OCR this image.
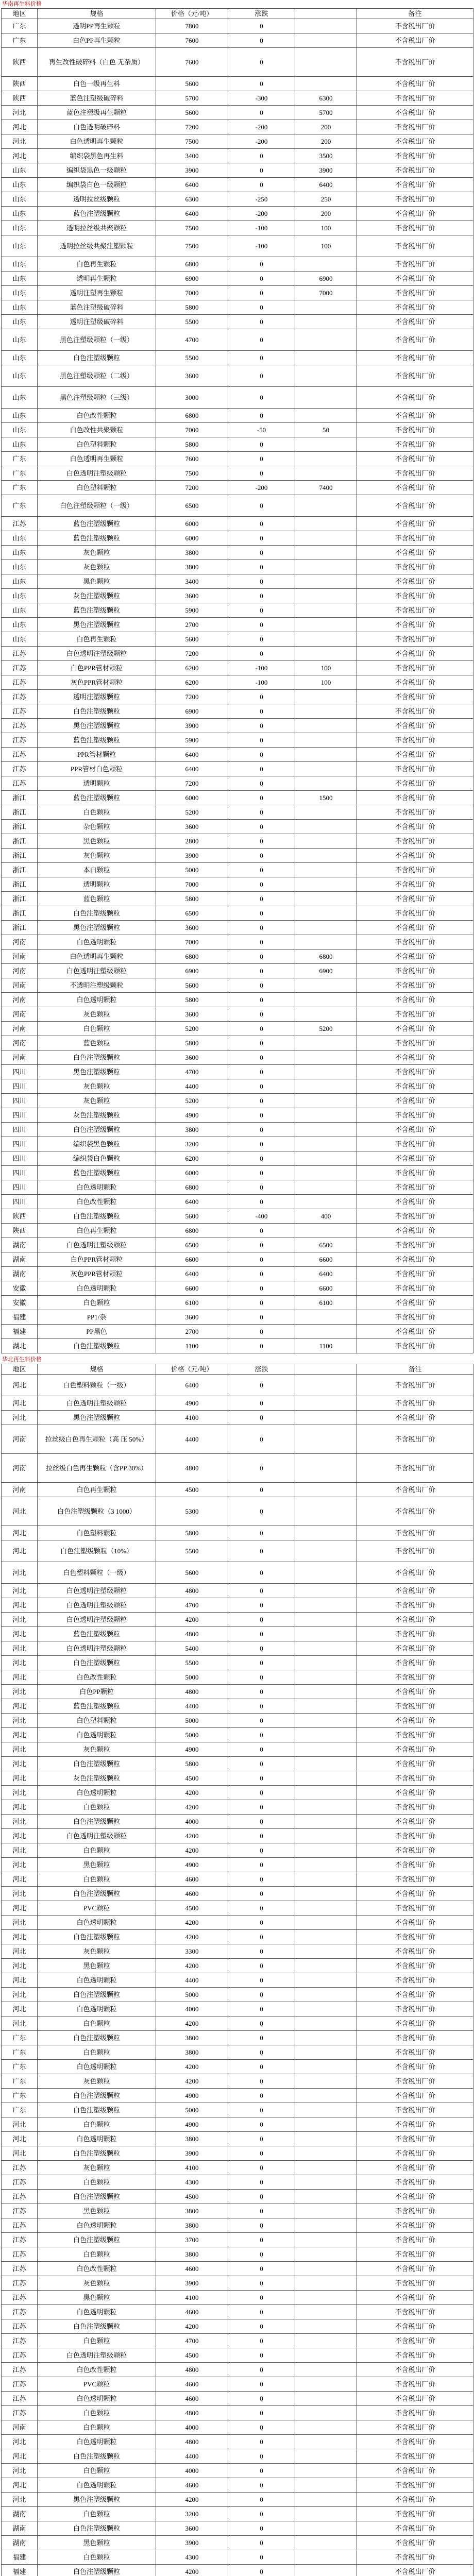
华南再生料价格
地区	规格	价格（元/吨）	涨跌		备注
广东	透明PP再生颗粒	7800	0		不含税出厂价
广东	白色PP再生颗粒	7600	0		不含税出厂价
陕西	再生改性破碎料（白色 无杂质）	7600	0		不含税出厂价
陕西	白色一级再生料	5600	0		不含税出厂价
陕西	蓝色注塑级破碎料	5700	-300	6300	不含税出厂价
河北	蓝色注塑级再生颗粒	5600	0	5700	不含税出厂价
河北	白色透明破碎料	7200	-200	200	不含税出厂价
河北	白色透明再生颗粒	7500	-200	200	不含税出厂价
河北	编织袋黑色再生料	3400	0	3500	不含税出厂价
山东	编织袋黑色一级颗粒	3900	0	3900	不含税出厂价
山东	编织袋白色一级颗粒	6400	0	6400	不含税出厂价
山东	透明拉丝级颗粒	6300	-250	250	不含税出厂价
山东	蓝色注塑级颗粒	6400	-200	200	不含税出厂价
山东	透明拉丝级共聚颗粒	7500	-100	100	不含税出厂价
山东	透明拉丝级共聚注塑颗粒	7500	-100	100	不含税出厂价
山东	白色再生颗粒	6800	0		不含税出厂价
山东	透明再生颗粒	6900	0	6900	不含税出厂价
山东	透明注塑再生颗粒	7000	0	7000	不含税出厂价
山东	蓝色注塑级破碎料	5800	0		不含税出厂价
山东	透明注塑级破碎料	5500	0		不含税出厂价
山东	黑色注塑级颗粒（一级）	4700	0		不含税出厂价
山东	白色注塑级颗粒	5500	0		不含税出厂价
山东	黑色注塑级颗粒（二级）	3600	0		不含税出厂价
山东	黑色注塑级颗粒（三级）	3000	0		不含税出厂价
山东	白色改性颗粒	6800	0		不含税出厂价
山东	白色改性共聚颗粒	7000	-50	50	不含税出厂价
山东	白色塑料颗粒	5800	0		不含税出厂价
广东	白色透明再生颗粒	7600	0		不含税出厂价
广东	白色透明注塑级颗粒	7500	0		不含税出厂价
广东	白色塑料颗粒	7200	-200	7400	不含税出厂价
广东	白色注塑级颗粒（一级）	6500	0		不含税出厂价
江苏	蓝色注塑级颗粒	6000	0		不含税出厂价
山东	蓝色注塑级颗粒	6000	0		不含税出厂价
山东	灰色颗粒	3800	0		不含税出厂价
山东	灰色颗粒	3800	0		不含税出厂价
山东	黑色颗粒	3400	0		不含税出厂价
山东	灰色注塑级颗粒	3600	0		不含税出厂价
山东	蓝色注塑级颗粒	5900	0		不含税出厂价
山东	黑色注塑级颗粒	2700	0		不含税出厂价
山东	白色再生颗粒	5600	0		不含税出厂价
江苏	白色透明注塑级颗粒	7200	0		不含税出厂价
江苏	白色PPR管材颗粒	6200	-100	100	不含税出厂价
江苏	灰色PPR管材颗粒	6200	-100	100	不含税出厂价
江苏	透明注塑级颗粒	7200	0		不含税出厂价
江苏	白色注塑级颗粒	6900	0		不含税出厂价
江苏	黑色注塑级颗粒	3900	0		不含税出厂价
江苏	蓝色注塑级颗粒	5900	0		不含税出厂价
江苏	PPR管材颗粒	6400	0		不含税出厂价
江苏	PPR管材白色颗粒	6400	0		不含税出厂价
江苏	透明颗粒	7200	0		不含税出厂价
浙江	蓝色注塑级颗粒	6000	0	1500	不含税出厂价
浙江	白色颗粒	5200	0		不含税出厂价
浙江	杂色颗粒	3600	0		不含税出厂价
浙江	黑色颗粒	2800	0		不含税出厂价
浙江	灰色颗粒	3900	0		不含税出厂价
浙江	本白颗粒	5000	0		不含税出厂价
浙江	透明颗粒	7000	0		不含税出厂价
浙江	蓝色颗粒	5800	0		不含税出厂价
浙江	白色注塑级颗粒	6500	0		不含税出厂价
浙江	黑色注塑级颗粒	3600	0		不含税出厂价
河南	白色透明颗粒	7000	0		不含税出厂价
河南	白色透明再生颗粒	6800	0	6800	不含税出厂价
河南	白色透明注塑级颗粒	6900	0	6900	不含税出厂价
河南	不透明注塑级颗粒	5600	0		不含税出厂价
河南	白色透明颗粒	5800	0		不含税出厂价
河南	灰色颗粒	3600	0		不含税出厂价
河南	白色颗粒	5200	0	5200	不含税出厂价
河南	蓝色颗粒	5800	0		不含税出厂价
河南	白色注塑级颗粒	3600	0		不含税出厂价
四川	黑色注塑级颗粒	4700	0		不含税出厂价
四川	灰色颗粒	4400	0		不含税出厂价
四川	灰色颗粒	5200	0		不含税出厂价
四川	灰色注塑级颗粒	4900	0		不含税出厂价
四川	白色注塑级颗粒	3800	0		不含税出厂价
四川	编织袋黑色颗粒	3200	0		不含税出厂价
四川	编织袋白色颗粒	6200	0		不含税出厂价
四川	蓝色注塑级颗粒	6000	0		不含税出厂价
四川	白色透明颗粒	6800	0		不含税出厂价
四川	白色改性颗粒	6400	0		不含税出厂价
陕西	白色注塑级颗粒	5600	-400	400	不含税出厂价
陕西	白色再生颗粒	6800	0		不含税出厂价
湖南	白色透明注塑级颗粒	6500	0	6500	不含税出厂价
湖南	白色PPR管材颗粒	6600	0	6600	不含税出厂价
湖南	灰色PPR管材颗粒	6400	0	6400	不含税出厂价
安徽	白色透明颗粒	6600	0	6600	不含税出厂价
安徽	白色颗粒	6100	0	6100	不含税出厂价
福建	PP1/杂	3600	0		不含税出厂价
福建	PP黑色	2700	0		不含税出厂价
湖北	白色注塑级颗粒	1100	0	1100	不含税出厂价
华北再生料价格
地区	规格	价格（元/吨）	涨跌		备注
河北	白色塑料颗粒（一级）	6400	0		不含税出厂价
河北	白色透明注塑级颗粒	4900	0		不含税出厂价
河北	黑色注塑级颗粒	4100	0		不含税出厂价
河南	拉丝级白色再生颗粒（高 压 50%）	4400	0		不含税出厂价
河南	拉丝级白色再生颗粒（含PP 30%）	4800	0		不含税出厂价
河南	白色再生颗粒	4500	0		不含税出厂价
河北	白色注塑级颗粒（3 1000）	5300	0		不含税出厂价
河北	白色塑料颗粒	5800	0		不含税出厂价
河北	白色注塑级颗粒（10%）	5500	0		不含税出厂价
河北	白色塑料颗粒（一级）	5600	0		不含税出厂价
河北	白色透明注塑级颗粒	4800	0		不含税出厂价
河北	白色透明注塑级颗粒	4700	0		不含税出厂价
河北	白色透明注塑级颗粒	4200	0		不含税出厂价
河北	蓝色注塑级颗粒	4800	0		不含税出厂价
河北	白色透明注塑级颗粒	5400	0		不含税出厂价
河北	白色注塑级颗粒	5500	0		不含税出厂价
河北	白色改性颗粒	5000	0		不含税出厂价
河北	白色PP颗粒	4800	0		不含税出厂价
河北	蓝色注塑级颗粒	4400	0		不含税出厂价
河北	白色塑料颗粒	5000	0		不含税出厂价
河北	白色透明颗粒	5000	0		不含税出厂价
河北	灰色颗粒	4900	0		不含税出厂价
河北	白色注塑级颗粒	5800	0		不含税出厂价
河北	灰色注塑级颗粒	4500	0		不含税出厂价
河北	白色透明颗粒	4200	0		不含税出厂价
河北	白色颗粒	4200	0		不含税出厂价
河北	白色注塑级颗粒	4000	0		不含税出厂价
河北	白色透明注塑级颗粒	4200	0		不含税出厂价
河北	白色颗粒	4200	0		不含税出厂价
河北	黑色颗粒	4900	0		不含税出厂价
河北	白色颗粒	4600	0		不含税出厂价
河北	白色注塑级颗粒	4600	0		不含税出厂价
河北	PVC颗粒	4500	0		不含税出厂价
河北	白色透明颗粒	4200	0		不含税出厂价
河北	白色注塑级颗粒	4200	0		不含税出厂价
河北	灰色颗粒	3300	0		不含税出厂价
河北	黑色颗粒	4200	0		不含税出厂价
河北	白色透明颗粒	4400	0		不含税出厂价
河北	白色注塑级颗粒	5000	0		不含税出厂价
河北	白色透明颗粒	4000	0		不含税出厂价
河北	白色颗粒	4200	0		不含税出厂价
广东	白色注塑级颗粒	3800	0		不含税出厂价
广东	白色颗粒	3800	0		不含税出厂价
广东	白色透明颗粒	4200	0		不含税出厂价
广东	灰色颗粒	4200	0		不含税出厂价
广东	白色注塑级颗粒	4900	0		不含税出厂价
广东	白色注塑级颗粒	5000	0		不含税出厂价
河北	白色颗粒	4900	0		不含税出厂价
河北	白色透明颗粒	3800	0		不含税出厂价
河北	白色注塑级颗粒	3900	0		不含税出厂价
江苏	灰色颗粒	4100	0		不含税出厂价
江苏	白色颗粒	4300	0		不含税出厂价
江苏	白色注塑级颗粒	4500	0		不含税出厂价
江苏	黑色颗粒	3800	0		不含税出厂价
江苏	白色透明颗粒	3800	0		不含税出厂价
江苏	白色注塑级颗粒	3700	0		不含税出厂价
江苏	白色颗粒	3800	0		不含税出厂价
江苏	白色改性颗粒	4600	0		不含税出厂价
江苏	灰色颗粒	3900	0		不含税出厂价
江苏	黑色颗粒	4100	0		不含税出厂价
江苏	白色透明颗粒	4600	0		不含税出厂价
江苏	白色注塑级颗粒	4200	0		不含税出厂价
江苏	白色颗粒	4700	0		不含税出厂价
江苏	白色透明注塑级颗粒	4500	0		不含税出厂价
江苏	白色改性颗粒	4800	0		不含税出厂价
江苏	PVC颗粒	4600	0		不含税出厂价
江苏	白色透明颗粒	4600	0		不含税出厂价
江苏	白色颗粒	4800	0		不含税出厂价
河南	白色颗粒	4000	0		不含税出厂价
河北	白色透明颗粒	4800	0		不含税出厂价
河北	白色注塑级颗粒	4400	0		不含税出厂价
河北	白色颗粒	4000	0		不含税出厂价
河北	白色透明颗粒	4600	0		不含税出厂价
河北	黑色注塑级颗粒	4200	0		不含税出厂价
湖南	白色颗粒	3200	0		不含税出厂价
湖南	白色注塑级颗粒	3600	0		不含税出厂价
湖南	黑色颗粒	3900	0		不含税出厂价
福建	白色颗粒	4300	0		不含税出厂价
福建	白色注塑级颗粒	4200	0		不含税出厂价
